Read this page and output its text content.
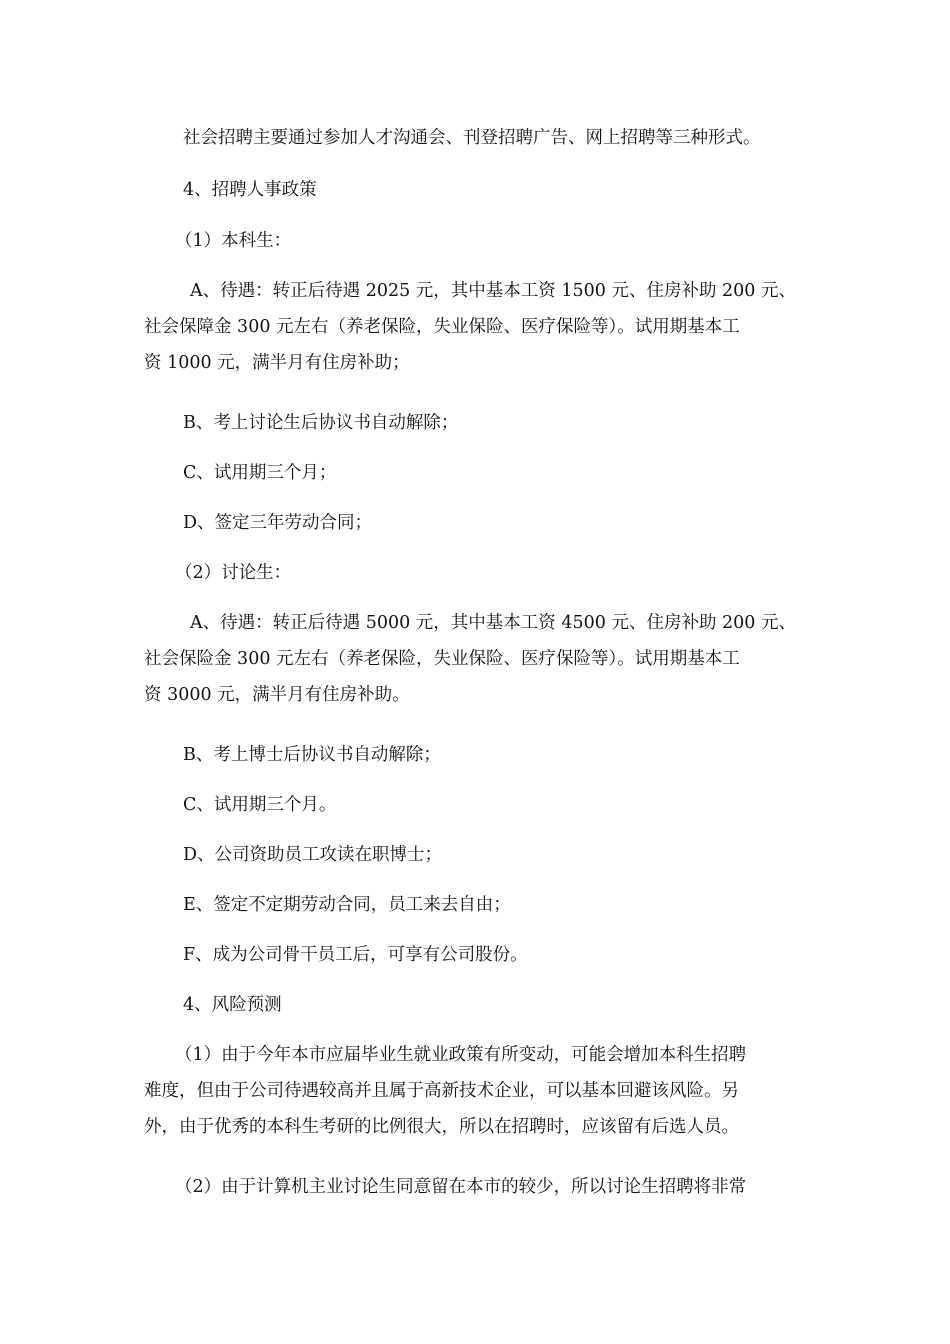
社会招聘主要通过参加人才沟通会、刊登招聘广告、网上招聘等三种形式。
4、招聘人事政策
（1）本科生：
A、待遇：转正后待遇 2025 元，其中基本工资 1500 元、住房补助 200 元、
社会保障金 300 元左右（养老保险，失业保险、医疗保险等）。试用期基本工
资 1000 元，满半月有住房补助；
B、考上讨论生后协议书自动解除；
C、试用期三个月；
D、签定三年劳动合同；
（2）讨论生：
A、待遇：转正后待遇 5000 元，其中基本工资 4500 元、住房补助 200 元、
社会保险金 300 元左右（养老保险，失业保险、医疗保险等）。试用期基本工
资 3000 元，满半月有住房补助。
B、考上博士后协议书自动解除；
C、试用期三个月。
D、公司资助员工攻读在职博士；
E、签定不定期劳动合同，员工来去自由；
F、成为公司骨干员工后，可享有公司股份。
4、风险预测
（1）由于今年本市应届毕业生就业政策有所变动，可能会增加本科生招聘
难度，但由于公司待遇较高并且属于高新技术企业，可以基本回避该风险。另
外，由于优秀的本科生考研的比例很大，所以在招聘时，应该留有后选人员。
（2）由于计算机主业讨论生同意留在本市的较少，所以讨论生招聘将非常
